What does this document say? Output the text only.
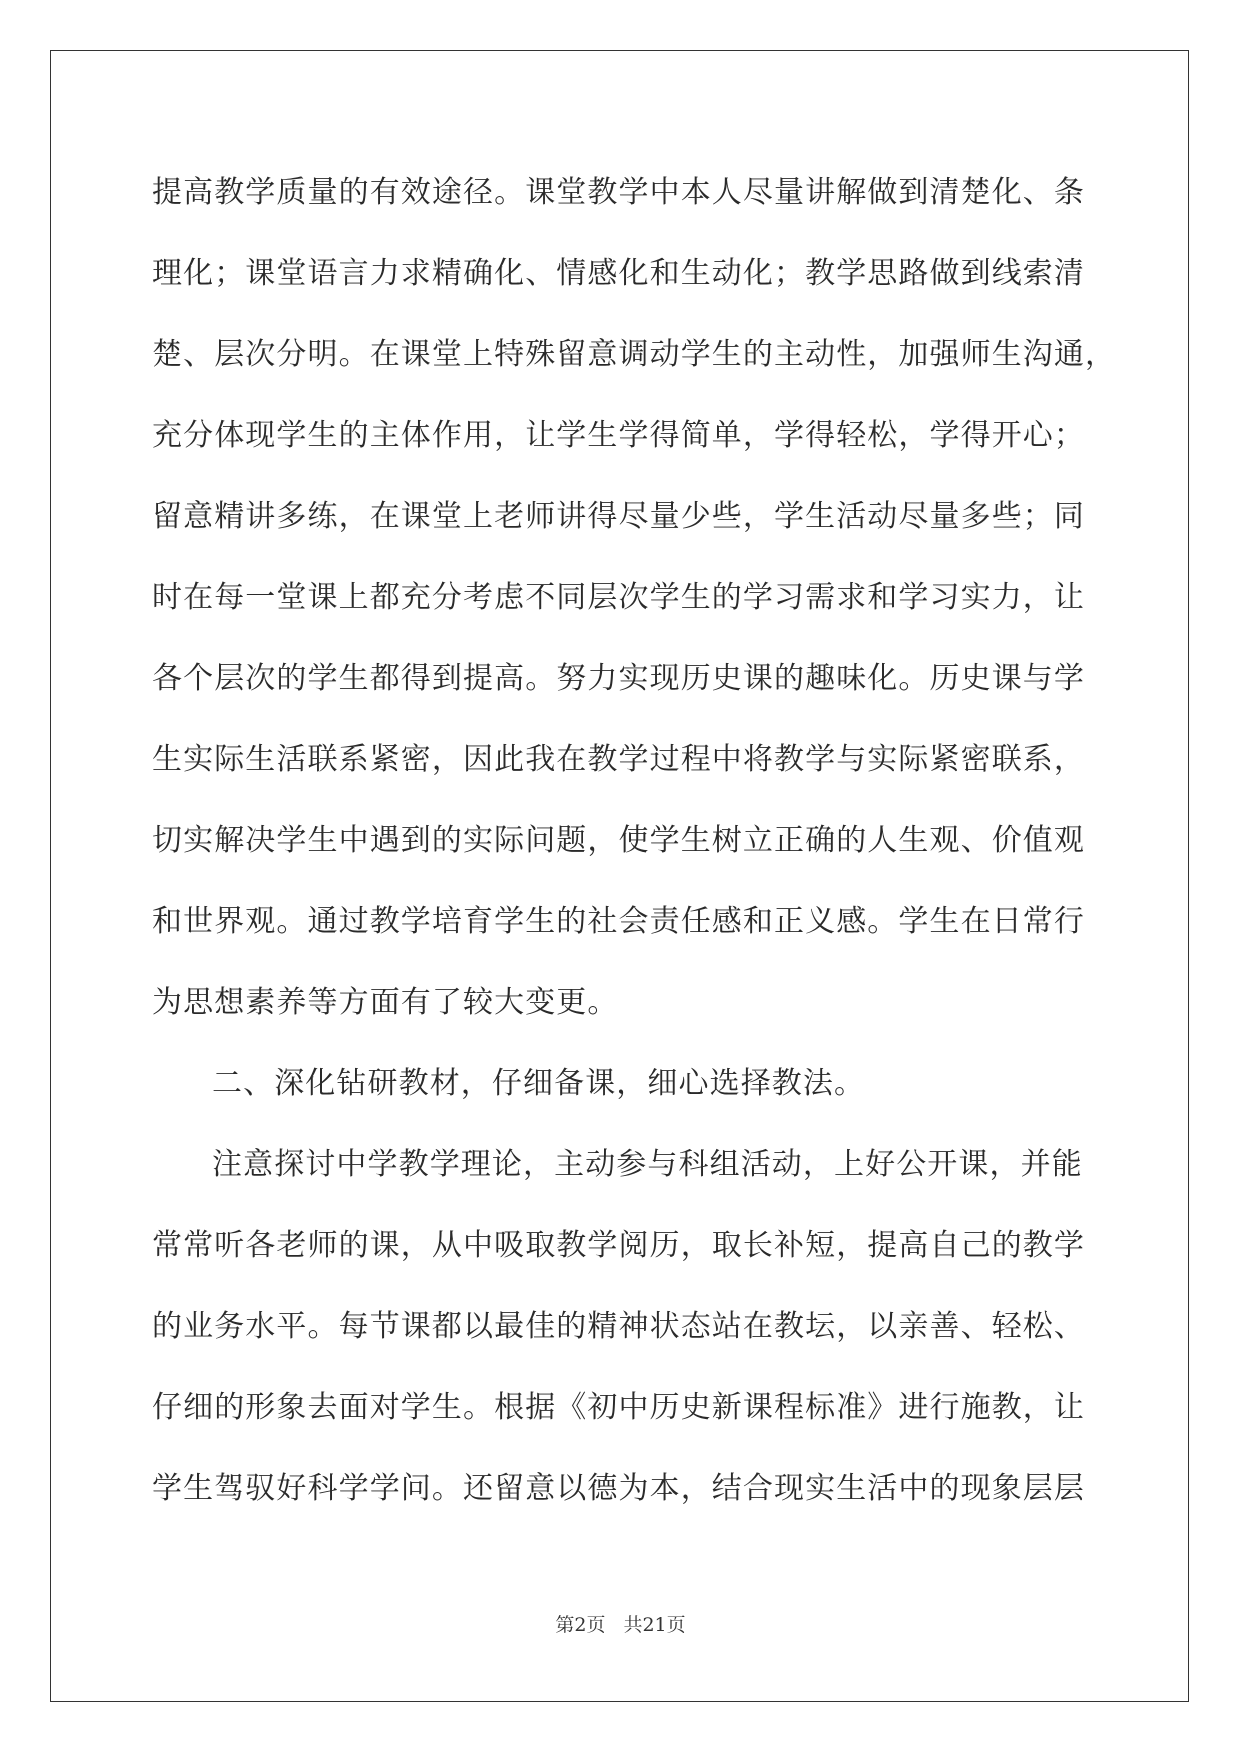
提高教学质量的有效途径。课堂教学中本人尽量讲解做到清楚化、条
理化；课堂语言力求精确化、情感化和生动化；教学思路做到线索清
楚、层次分明。在课堂上特殊留意调动学生的主动性，加强师生沟通，
充分体现学生的主体作用，让学生学得简单，学得轻松，学得开心；
留意精讲多练，在课堂上老师讲得尽量少些，学生活动尽量多些；同
时在每一堂课上都充分考虑不同层次学生的学习需求和学习实力，让
各个层次的学生都得到提高。努力实现历史课的趣味化。历史课与学
生实际生活联系紧密，因此我在教学过程中将教学与实际紧密联系，
切实解决学生中遇到的实际问题，使学生树立正确的人生观、价值观
和世界观。通过教学培育学生的社会责任感和正义感。学生在日常行
为思想素养等方面有了较大变更。
二、深化钻研教材，仔细备课，细心选择教法。
注意探讨中学教学理论，主动参与科组活动，上好公开课，并能
常常听各老师的课，从中吸取教学阅历，取长补短，提高自己的教学
的业务水平。每节课都以最佳的精神状态站在教坛，以亲善、轻松、
仔细的形象去面对学生。根据《初中历史新课程标准》进行施教，让
学生驾驭好科学学问。还留意以德为本，结合现实生活中的现象层层
第2页 共21页
